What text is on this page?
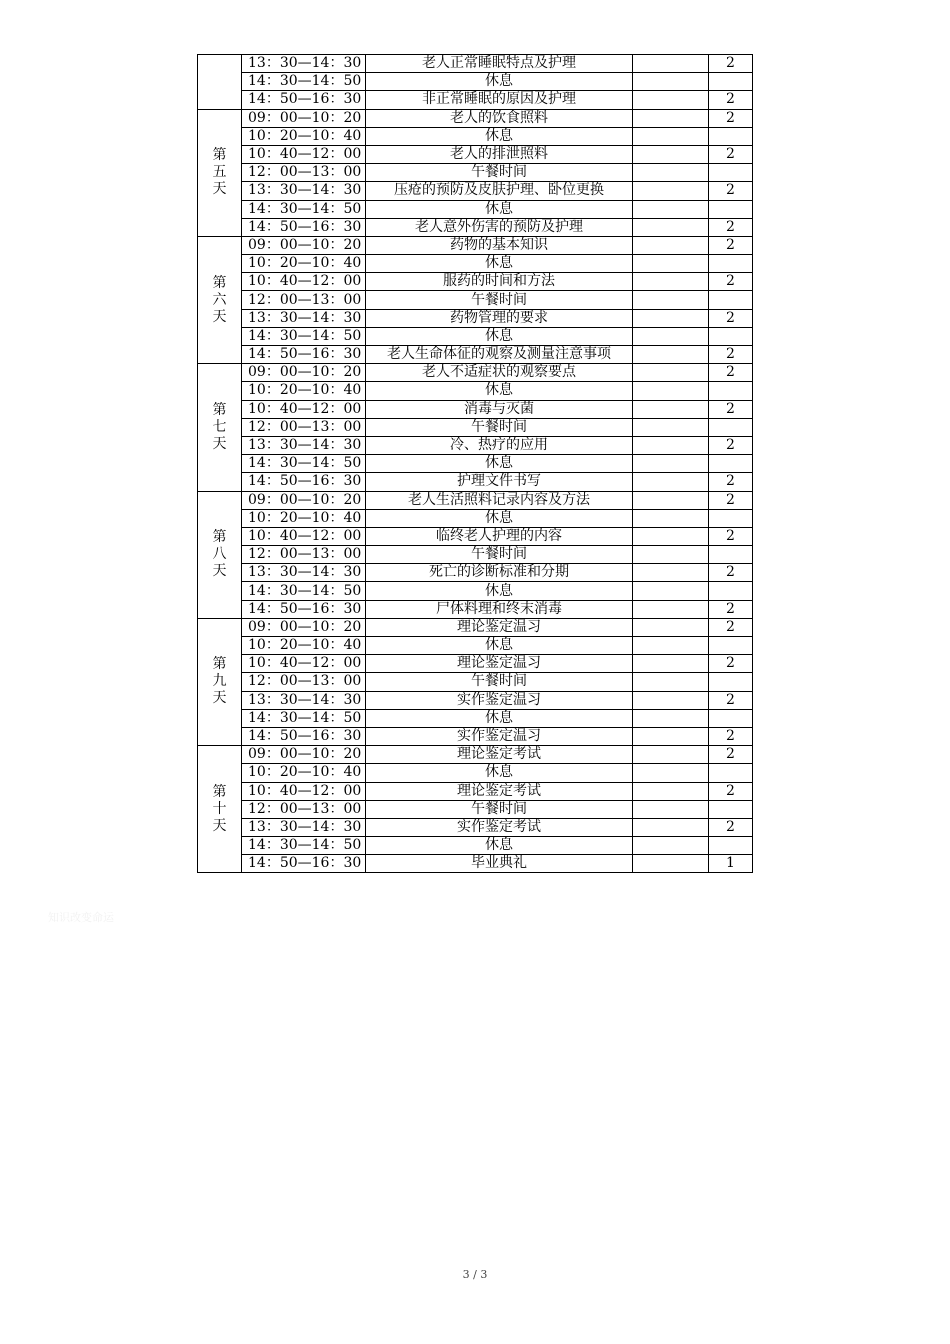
	13：30—14：30	老人正常睡眠特点及护理		2
	14：30—14：50	休息		
	14：50—16：30	非正常睡眠的原因及护理		2

第
五
天	09：00—10：20	老人的饮食照料		2
	10：20—10：40	休息		
	10：40—12：00	老人的排泄照料		2
	12：00—13：00	午餐时间		
	13：30—14：30	压疮的预防及皮肤护理、卧位更换		2
	14：30—14：50	休息		
	14：50—16：30	老人意外伤害的预防及护理		2

第
六
天	09：00—10：20	药物的基本知识		2
	10：20—10：40	休息		
	10：40—12：00	服药的时间和方法		2
	12：00—13：00	午餐时间		
	13：30—14：30	药物管理的要求		2
	14：30—14：50	休息		
	14：50—16：30	老人生命体征的观察及测量注意事项		2

第
七
天	09：00—10：20	老人不适症状的观察要点		2
	10：20—10：40	休息		
	10：40—12：00	消毒与灭菌		2
	12：00—13：00	午餐时间		
	13：30—14：30	冷、热疗的应用		2
	14：30—14：50	休息		
	14：50—16：30	护理文件书写		2

第
八
天	09：00—10：20	老人生活照料记录内容及方法		2
	10：20—10：40	休息		
	10：40—12：00	临终老人护理的内容		2
	12：00—13：00	午餐时间		
	13：30—14：30	死亡的诊断标准和分期		2
	14：30—14：50	休息		
	14：50—16：30	尸体料理和终末消毒		2

第
九
天	09：00—10：20	理论鉴定温习		2
	10：20—10：40	休息		
	10：40—12：00	理论鉴定温习		2
	12：00—13：00	午餐时间		
	13：30—14：30	实作鉴定温习		2
	14：30—14：50	休息		
	14：50—16：30	实作鉴定温习		2

第
十
天	09：00—10：20	理论鉴定考试		2
	10：20—10：40	休息		
	10：40—12：00	理论鉴定考试		2
	12：00—13：00	午餐时间		
	13：30—14：30	实作鉴定考试		2
	14：30—14：50	休息		
	14：50—16：30	毕业典礼		1
知识改变命运
3 / 3
